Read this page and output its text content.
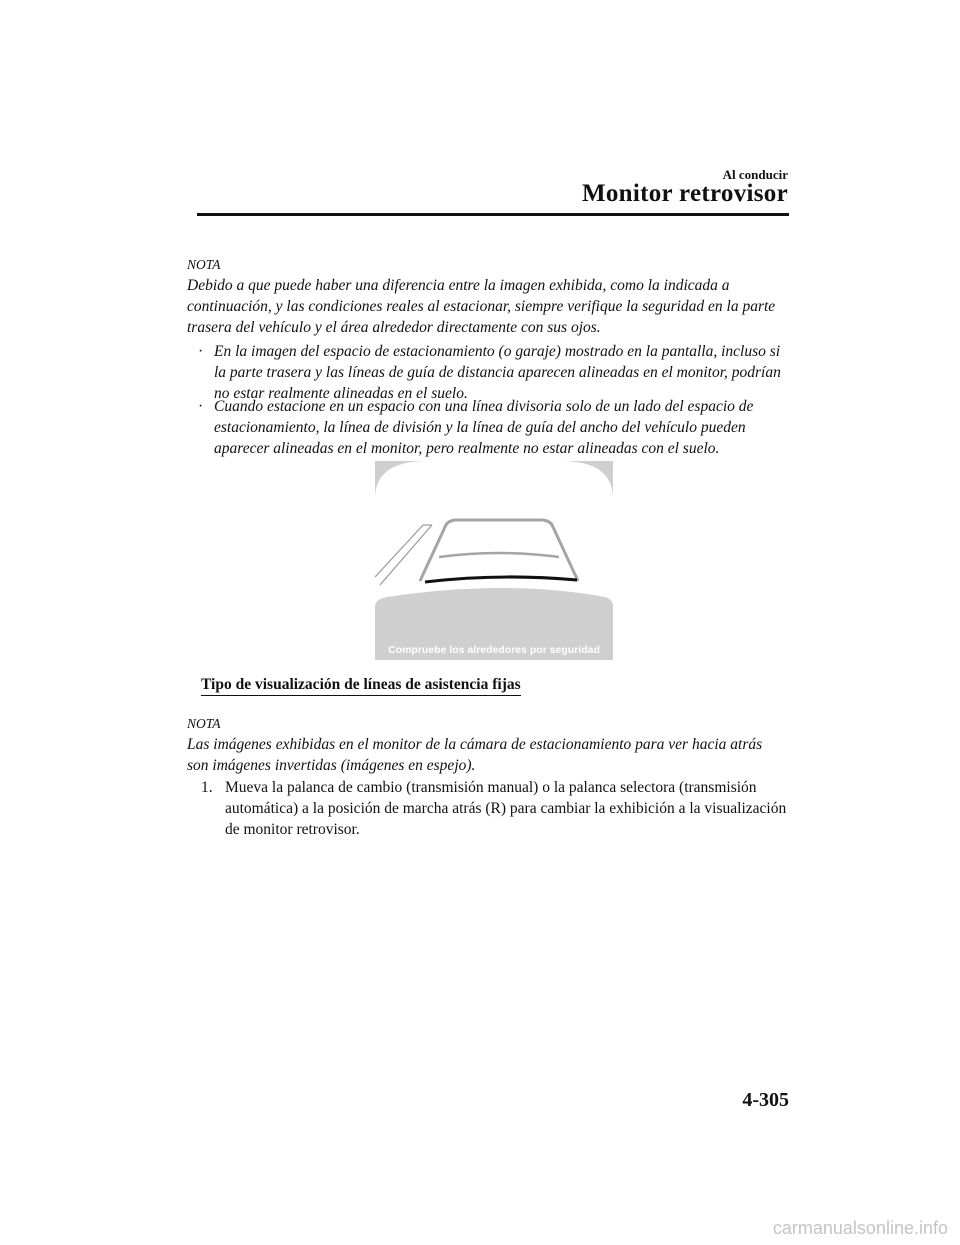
Al conducir
Monitor retrovisor
NOTA
Debido a que puede haber una diferencia entre la imagen exhibida, como la indicada a continuación, y las condiciones reales al estacionar, siempre verifique la seguridad en la parte trasera del vehículo y el área alrededor directamente con sus ojos.
· En la imagen del espacio de estacionamiento (o garaje) mostrado en la pantalla, incluso si la parte trasera y las líneas de guía de distancia aparecen alineadas en el monitor, podrían no estar realmente alineadas en el suelo.
· Cuando estacione en un espacio con una línea divisoria solo de un lado del espacio de estacionamiento, la línea de división y la línea de guía del ancho del vehículo pueden aparecer alineadas en el monitor, pero realmente no estar alineadas con el suelo.
Compruebe los alrededores por seguridad
Tipo de visualización de líneas de asistencia fijas
NOTA
Las imágenes exhibidas en el monitor de la cámara de estacionamiento para ver hacia atrás son imágenes invertidas (imágenes en espejo).
1. Mueva la palanca de cambio (transmisión manual) o la palanca selectora (transmisión automática) a la posición de marcha atrás (R) para cambiar la exhibición a la visualización de monitor retrovisor.
4-305
carmanualsonline.info
